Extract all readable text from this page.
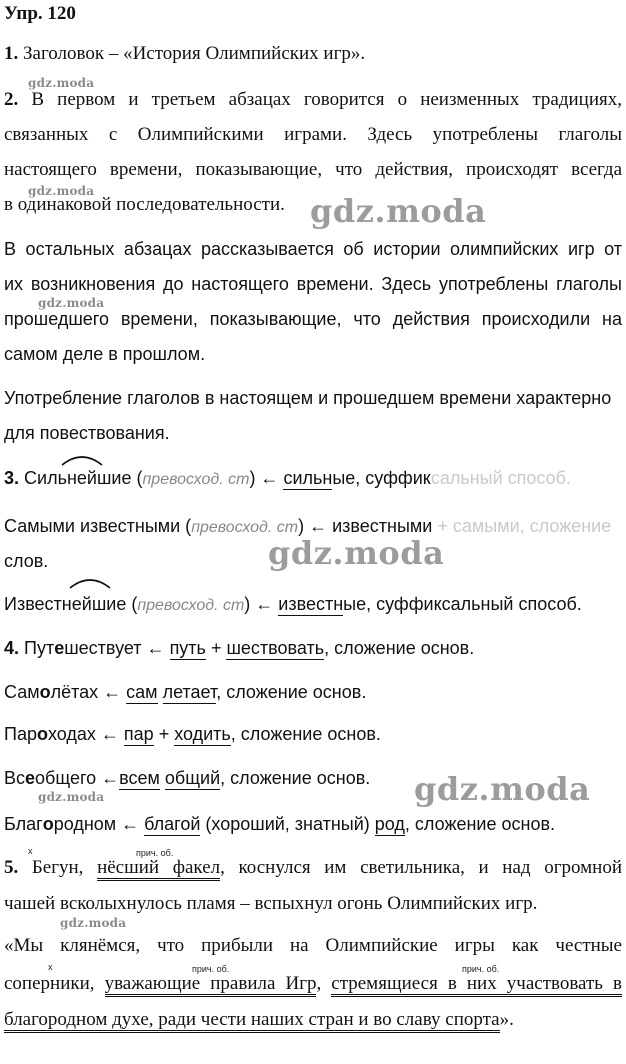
Упр. 120
1. Заголовок – «История Олимпийских игр».
gdz.moda
2. В первом и третьем абзацах говорится о неизменных традициях,
связанных с Олимпийскими играми. Здесь употреблены глаголы
настоящего времени, показывающие, что действия, происходят всегда
gdz.moda
в одинаковой последовательности. gdz.moda
В остальных абзацах рассказывается об истории олимпийских игр от
их возникновения до настоящего времени. Здесь употреблены глаголы
gdz.moda
прошедшего времени, показывающие, что действия происходили на
самом деле в прошлом.
Употребление глаголов в настоящем и прошедшем времени характерно
для повествования.
3. Сильнейшие (превосход. ст) ← сильные, суффиксальный способ.
Самыми известными (превосход. ст) ← известными + самыми, сложение
слов.	gdz.moda
Известнейшие (превосход. ст) ← известные, суффиксальный способ.
4. Путешествует ← путь + шествовать, сложение основ.
Самолётах ← сам летает, сложение основ.
Пароходах ← пар + ходить, сложение основ.
Всеобщего ←всем общий, сложение основ.
gdz.moda	gdz.moda
Благородном ← благой (хороший, знатный) род, сложение основ.
x	прич. об.
5. Бегун, нёсший факел, коснулся им светильника, и над огромной
чашей всколыхнулось пламя – вспыхнул огонь Олимпийских игр.
gdz.moda
«Мы клянёмся, что прибыли на Олимпийские игры как честные
x	прич. об.	прич. об.
соперники, уважающие правила Игр, стремящиеся в них участвовать в
благородном духе, ради чести наших стран и во славу спорта».
